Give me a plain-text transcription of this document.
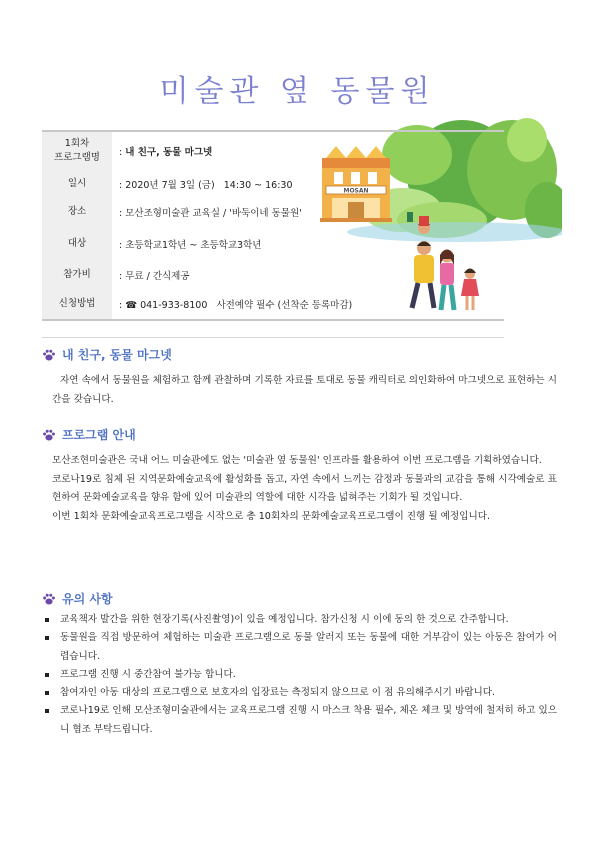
미술관 옆 동물원
MOSAN
1회차
프로그램명	: 내 친구, 동물 마그넷
일시	: 2020년 7월 3일 (금)   14:30 ~ 16:30
장소	: 모산조형미술관 교육실 / '바둑이네 동물원'
대상	: 초등학교1학년 ~ 초등학교3학년
참가비	: 무료 / 간식제공
신청방법	: ☎ 041-933-8100   사전예약 필수 (선착순 등록마감)
내 친구, 동물 마그넷
자연 속에서 동물원을 체험하고 함께 관찰하며 기록한 자료를 토대로 동물 캐릭터로 의인화하여 마그넷으로 표현하는 시간을 갖습니다.
프로그램 안내
모산조현미술관은 국내 어느 미술관에도 없는 '미술관 옆 동물원' 인프라를 활용하여 이번 프로그램을 기획하였습니다.
코로나19로 침체 된 지역문화예술교육에 활성화를 돕고, 자연 속에서 느끼는 감정과 동물과의 교감을 통해 시각예술로 표현하여 문화예술교육을 향유 함에 있어 미술관의 역할에 대한 시각을 넓혀주는 기회가 될 것입니다.
이번 1회차 문화예술교육프로그램을 시작으로 총 10회차의 문화예술교육프로그램이 진행 될 예정입니다.
유의 사항
교육책자 발간을 위한 현장기록(사진촬영)이 있을 예정입니다. 참가신청 시 이에 동의 한 것으로 간주합니다.
동물원을 직접 방문하여 체험하는 미술관 프로그램으로 동물 알러지 또는 동물에 대한 거부감이 있는 아동은 참여가 어렵습니다.
프로그램 진행 시 중간참여 불가능 합니다.
참여자인 아동 대상의 프로그램으로 보호자의 입장료는 측정되지 않으므로 이 점 유의해주시기 바랍니다.
코로나19로 인해 모산조형미술관에서는 교육프로그램 진행 시 마스크 착용 필수, 체온 체크 및 방역에 철저히 하고 있으니 협조 부탁드립니다.
